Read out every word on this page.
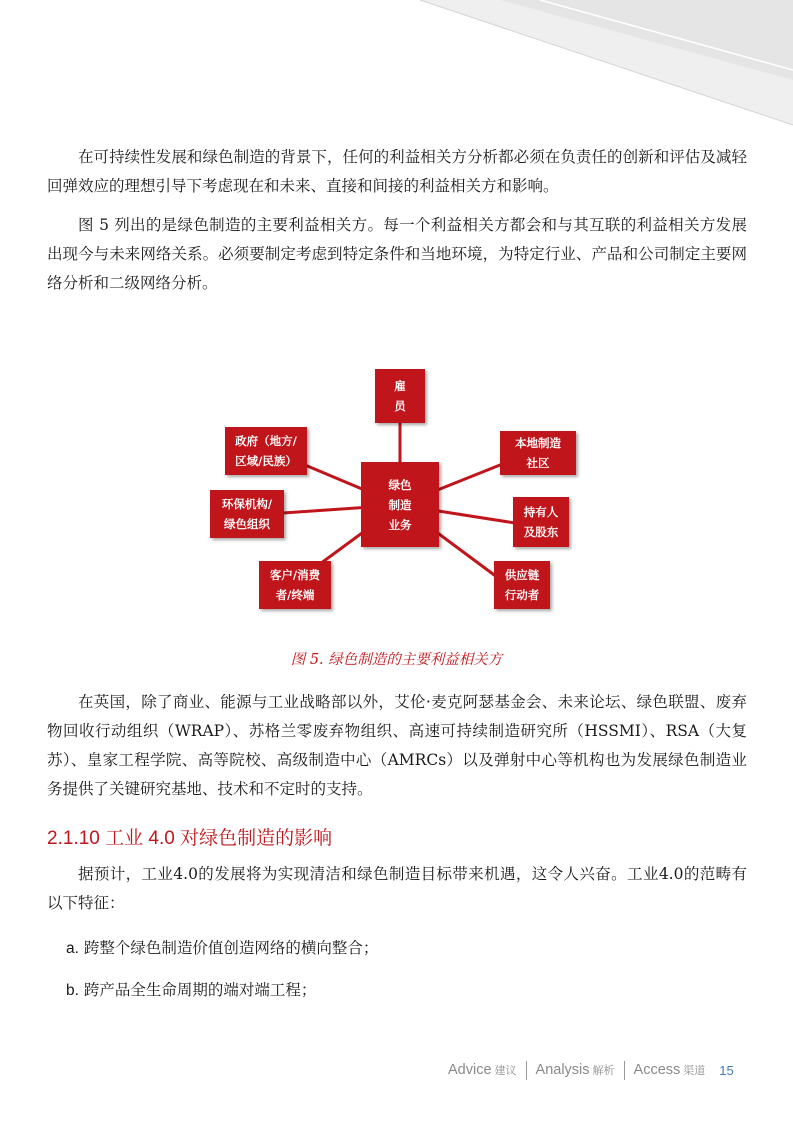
在可持续性发展和绿色制造的背景下，任何的利益相关方分析都必须在负责任的创新和评估及减轻回弹效应的理想引导下考虑现在和未来、直接和间接的利益相关方和影响。

图 5 列出的是绿色制造的主要利益相关方。每一个利益相关方都会和与其互联的利益相关方发展出现今与未来网络关系。必须要制定考虑到特定条件和当地环境，为特定行业、产品和公司制定主要网络分析和二级网络分析。

雇
员
政府（地方/
区域/民族）
本地制造
社区
绿色
制造
业务
环保机构/
绿色组织
持有人
及股东
客户/消费
者/终端
供应链
行动者

图 5. 绿色制造的主要利益相关方

在英国，除了商业、能源与工业战略部以外，艾伦·麦克阿瑟基金会、未来论坛、绿色联盟、废弃物回收行动组织（WRAP）、苏格兰零废弃物组织、高速可持续制造研究所（HSSMI）、RSA（大复苏）、皇家工程学院、高等院校、高级制造中心（AMRCs）以及弹射中心等机构也为发展绿色制造业务提供了关键研究基地、技术和不定时的支持。

2.1.10 工业 4.0 对绿色制造的影响

据预计，工业4.0的发展将为实现清洁和绿色制造目标带来机遇，这令人兴奋。工业4.0的范畴有以下特征：

a. 跨整个绿色制造价值创造网络的横向整合；

b. 跨产品全生命周期的端对端工程；

Advice 建议 Analysis 解析 Access 渠道 15
